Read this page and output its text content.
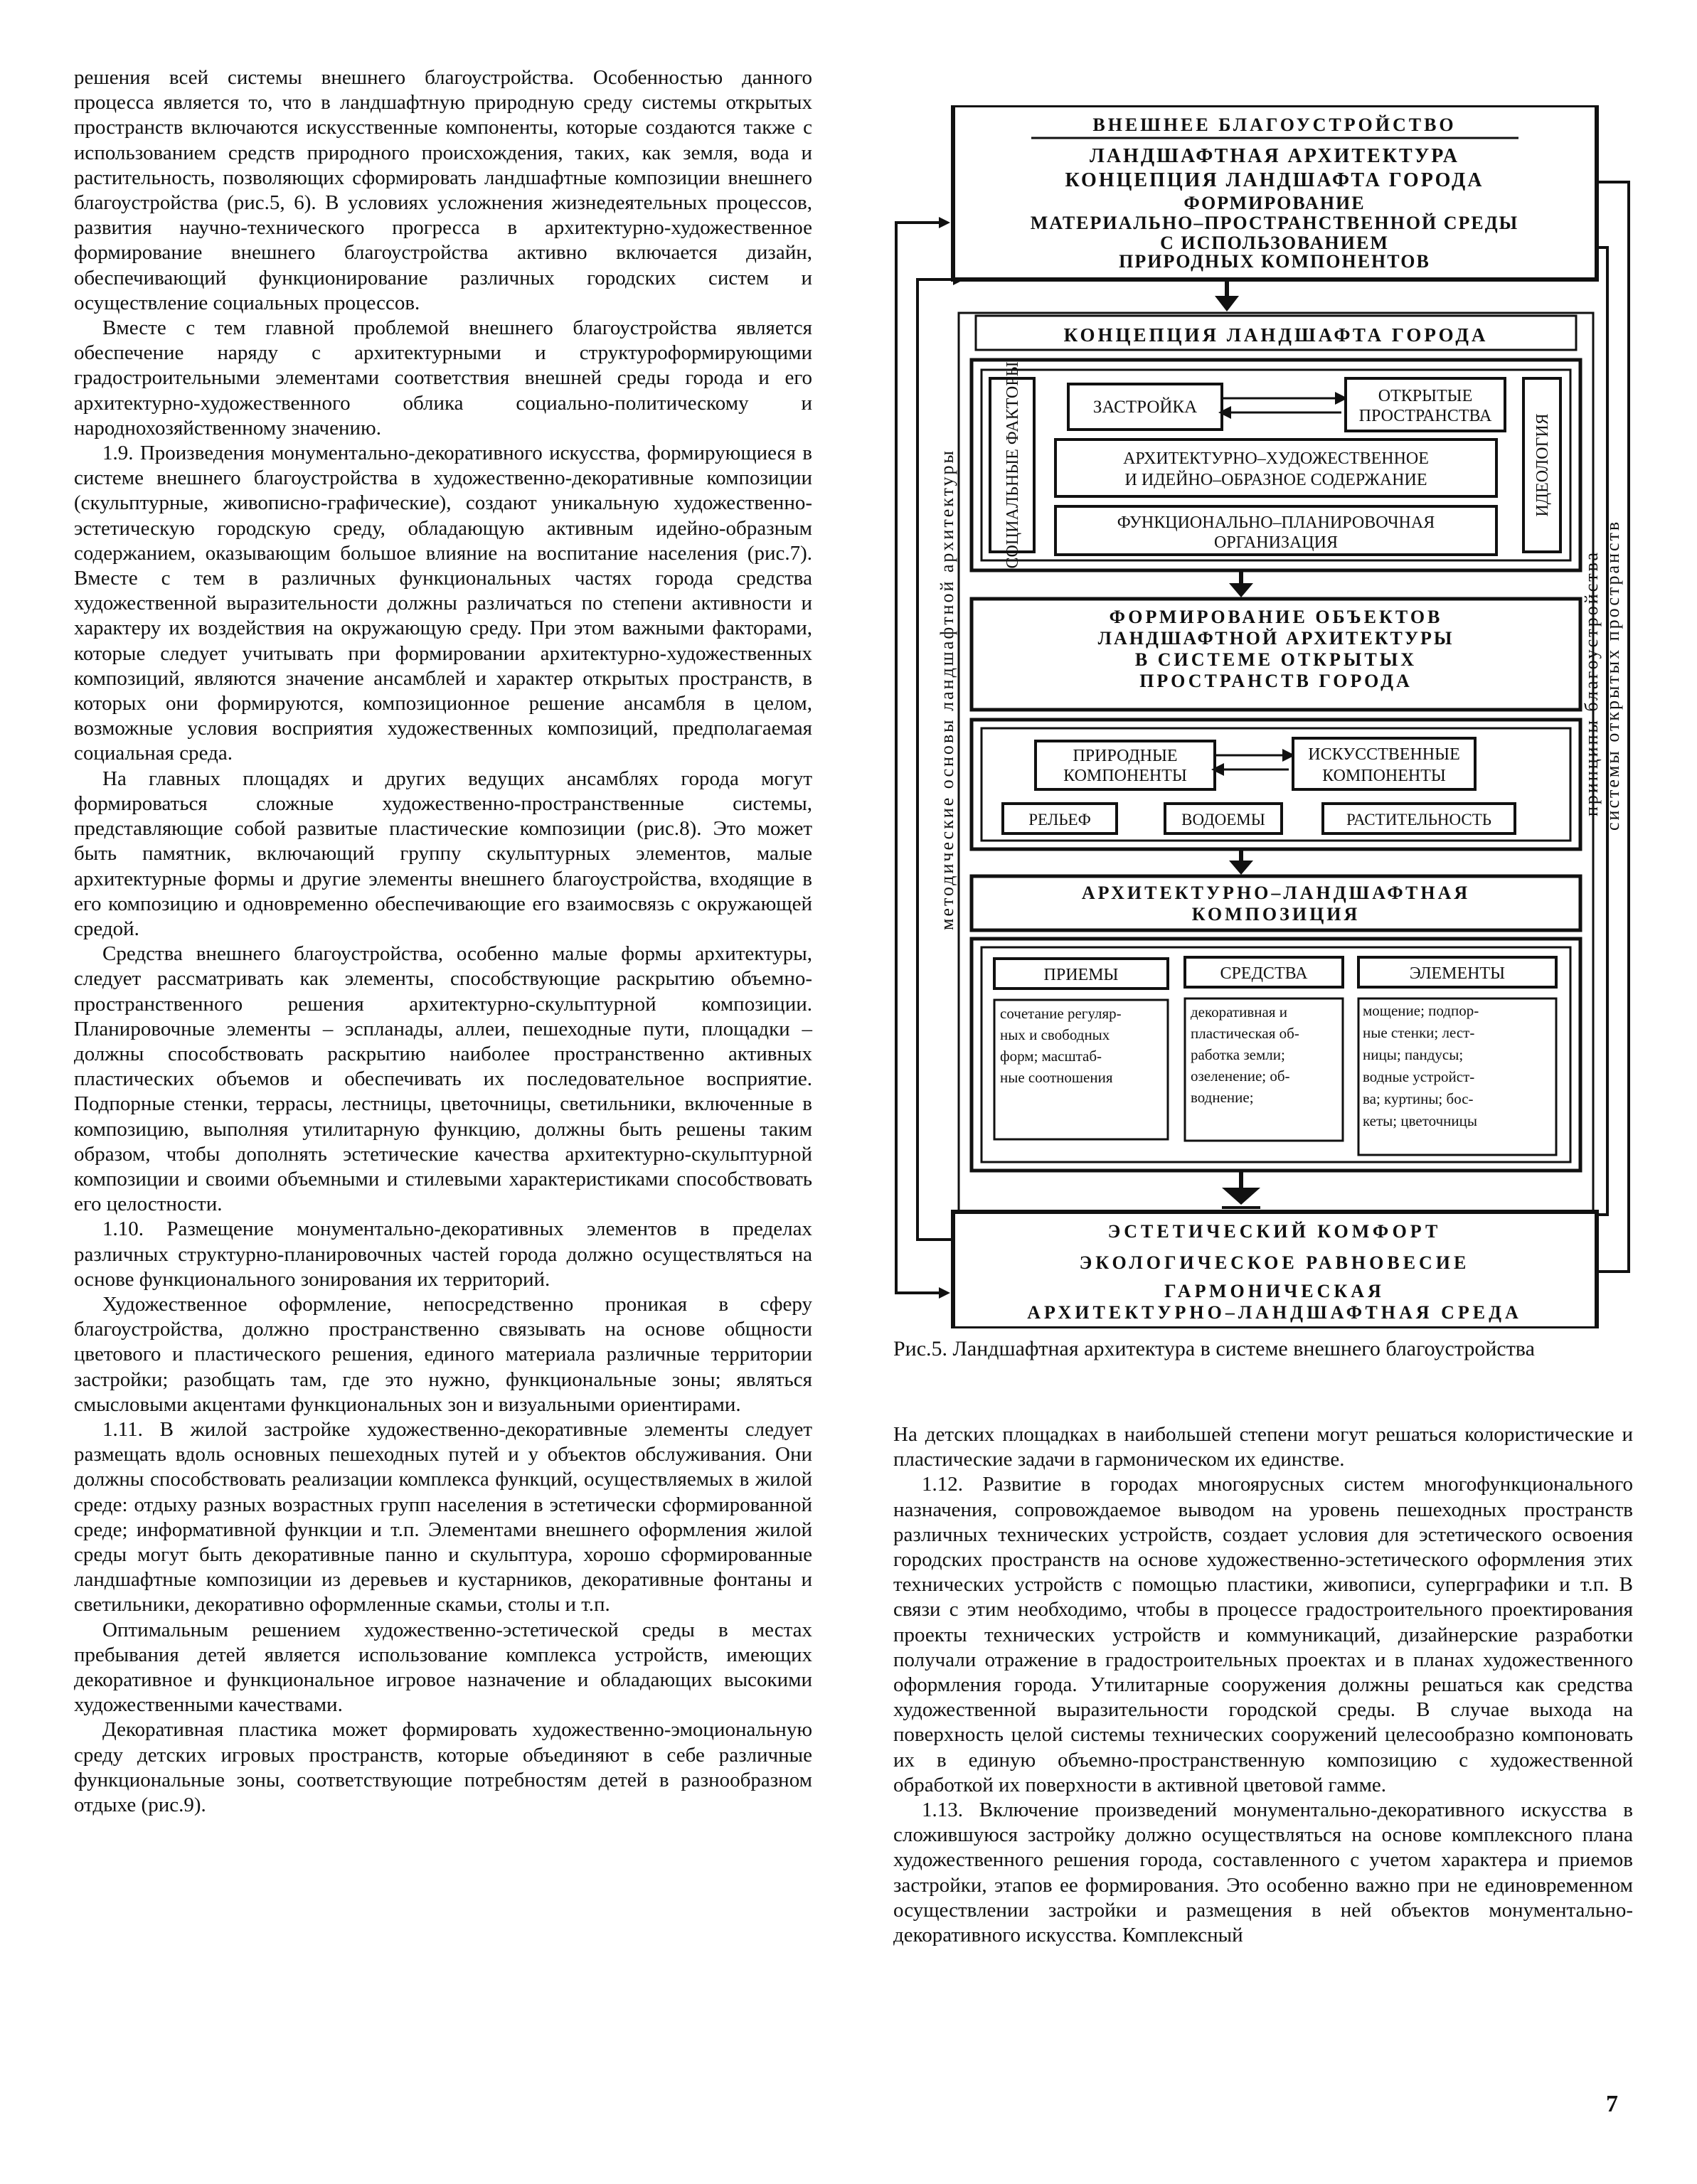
решения всей системы внешнего благоустройства. Особенностью данного процесса является то, что в ландшафтную природную среду системы открытых пространств включаются искусственные компоненты, которые создаются также с использованием средств природного происхождения, таких, как земля, вода и растительность, позволяющих сформировать ландшафтные композиции внешнего благоустройства (рис.5, 6). В условиях усложнения жизнедеятельных процессов, развития научно-технического прогресса в архитектурно-художественное формирование внешнего благоустройства активно включается дизайн, обеспечивающий функционирование различных городских систем и осуществление социальных процессов.

Вместе с тем главной проблемой внешнего благоустройства является обеспечение наряду с архитектурными и структуроформирующими градостроительными элементами соответствия внешней среды города и его архитектурно-художественного облика социально-политическому и народнохозяйственному значению.

1.9. Произведения монументально-декоративного искусства, формирующиеся в системе внешнего благоустройства в художественно-декоративные композиции (скульптурные, живописно-графические), создают уникальную художественно-эстетическую городскую среду, обладающую активным идейно-образным содержанием, оказывающим большое влияние на воспитание населения (рис.7). Вместе с тем в различных функциональных частях города средства художественной выразительности должны различаться по степени активности и характеру их воздействия на окружающую среду. При этом важными факторами, которые следует учитывать при формировании архитектурно-художественных композиций, являются значение ансамблей и характер открытых пространств, в которых они формируются, композиционное решение ансамбля в целом, возможные условия восприятия художественных композиций, предполагаемая социальная среда.

На главных площадях и других ведущих ансамблях города могут формироваться сложные художественно-пространственные системы, представляющие собой развитые пластические композиции (рис.8). Это может быть памятник, включающий группу скульптурных элементов, малые архитектурные формы и другие элементы внешнего благоустройства, входящие в его композицию и одновременно обеспечивающие его взаимосвязь с окружающей средой.

Средства внешнего благоустройства, особенно малые формы архитектуры, следует рассматривать как элементы, способствующие раскрытию объемно-пространственного решения архитектурно-скульптурной композиции. Планировочные элементы – эспланады, аллеи, пешеходные пути, площадки – должны способствовать раскрытию наиболее пространственно активных пластических объемов и обеспечивать их последовательное восприятие. Подпорные стенки, террасы, лестницы, цветочницы, светильники, включенные в композицию, выполняя утилитарную функцию, должны быть решены таким образом, чтобы дополнять эстетические качества архитектурно-скульптурной композиции и своими объемными и стилевыми характеристиками способствовать его целостности.

1.10. Размещение монументально-декоративных элементов в пределах различных структурно-планировочных частей города должно осуществляться на основе функционального зонирования их территорий.

Художественное оформление, непосредственно проникая в сферу благоустройства, должно пространственно связывать на основе общности цветового и пластического решения, единого материала различные территории застройки; разобщать там, где это нужно, функциональные зоны; являться смысловыми акцентами функциональных зон и визуальными ориентирами.

1.11. В жилой застройке художественно-декоративные элементы следует размещать вдоль основных пешеходных путей и у объектов обслуживания. Они должны способствовать реализации комплекса функций, осуществляемых в жилой среде: отдыху разных возрастных групп населения в эстетически сформированной среде; информативной функции и т.п. Элементами внешнего оформления жилой среды могут быть декоративные панно и скульптура, хорошо сформированные ландшафтные композиции из деревьев и кустарников, декоративные фонтаны и светильники, декоративно оформленные скамьи, столы и т.п.

Оптимальным решением художественно-эстетической среды в местах пребывания детей является использование комплекса устройств, имеющих декоративное и функциональное игровое назначение и обладающих высокими художественными качествами.

Декоративная пластика может формировать художественно-эмоциональную среду детских игровых пространств, которые объединяют в себе различные функциональные зоны, соответствующие потребностям детей в разнообразном отдыхе (рис.9).

ВНЕШНЕЕ БЛАГОУСТРОЙСТВО
ЛАНДШАФТНАЯ АРХИТЕКТУРА
КОНЦЕПЦИЯ ЛАНДШАФТА ГОРОДА
ФОРМИРОВАНИЕ
МАТЕРИАЛЬНО–ПРОСТРАНСТВЕННОЙ СРЕДЫ
С ИСПОЛЬЗОВАНИЕМ
ПРИРОДНЫХ КОМПОНЕНТОВ
методические основы ландшафтной архитектуры	принципы благоустройства системы открытых пространств
КОНЦЕПЦИЯ ЛАНДШАФТА ГОРОДА
СОЦИАЛЬНЫЕ ФАКТОРЫ	ИДЕОЛОГИЯ
ЗАСТРОЙКА
ОТКРЫТЫЕ
ПРОСТРАНСТВА
АРХИТЕКТУРНО–ХУДОЖЕСТВЕННОЕ
И ИДЕЙНО–ОБРАЗНОЕ СОДЕРЖАНИЕ
ФУНКЦИОНАЛЬНО–ПЛАНИРОВОЧНАЯ
ОРГАНИЗАЦИЯ
ФОРМИРОВАНИЕ ОБЪЕКТОВ
ЛАНДШАФТНОЙ АРХИТЕКТУРЫ
В СИСТЕМЕ ОТКРЫТЫХ
ПРОСТРАНСТВ ГОРОДА
ПРИРОДНЫЕ
КОМПОНЕНТЫ
ИСКУССТВЕННЫЕ
КОМПОНЕНТЫ
РЕЛЬЕФ	ВОДОЕМЫ	РАСТИТЕЛЬНОСТЬ
АРХИТЕКТУРНО–ЛАНДШАФТНАЯ
КОМПОЗИЦИЯ
ПРИЕМЫ	СРЕДСТВА	ЭЛЕМЕНТЫ
сочетание регуляр-
ных и свободных
форм; масштаб-
ные соотношения
декоративная и
пластическая об-
работка земли;
озеленение; об-
воднение;
мощение; подпор-
ные стенки; лест-
ницы; пандусы;
водные устройст-
ва; куртины; бос-
кеты; цветочницы
ЭСТЕТИЧЕСКИЙ КОМФОРТ
ЭКОЛОГИЧЕСКОЕ РАВНОВЕСИЕ
ГАРМОНИЧЕСКАЯ
АРХИТЕКТУРНО–ЛАНДШАФТНАЯ СРЕДА
Рис.5. Ландшафтная архитектура в системе внешнего благоустройства

На детских площадках в наибольшей степени могут решаться колористические и пластические задачи в гармоническом их единстве.

1.12. Развитие в городах многоярусных систем многофункционального назначения, сопровождаемое выводом на уровень пешеходных пространств различных технических устройств, создает условия для эстетического освоения городских пространств на основе художественно-эстетического оформления этих технических устройств с помощью пластики, живописи, суперграфики и т.п. В связи с этим необходимо, чтобы в процессе градостроительного проектирования проекты технических устройств и коммуникаций, дизайнерские разработки получали отражение в градостроительных проектах и в планах художественного оформления города. Утилитарные сооружения должны решаться как средства художественной выразительности городской среды. В случае выхода на поверхность целой системы технических сооружений целесообразно компоновать их в единую объемно-пространственную композицию с художественной обработкой их поверхности в активной цветовой гамме.

1.13. Включение произведений монументально-декоративного искусства в сложившуюся застройку должно осуществляться на основе комплексного плана художественного решения города, составленного с учетом характера и приемов застройки, этапов ее формирования. Это особенно важно при не единовременном осуществлении застройки и размещения в ней объектов монументально-декоративного искусства. Комплексный

7
